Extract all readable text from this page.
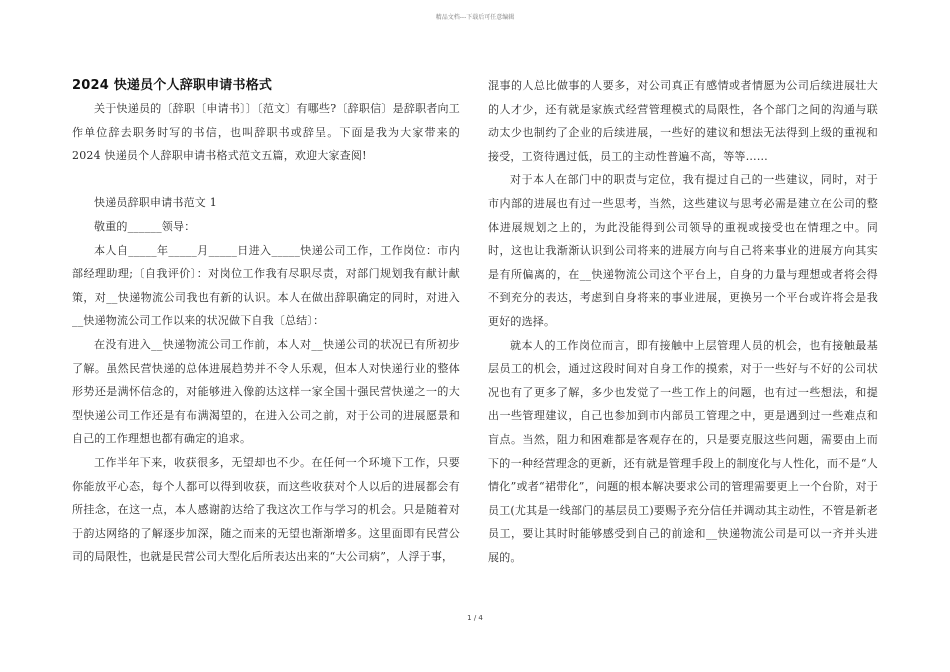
精品文档---下载后可任意编辑
2024 快递员个人辞职申请书格式

关于快递员的〔辞职〔申请书〕〕〔范文〕有哪些?〔辞职信〕是辞职者向工作单位辞去职务时写的书信，也叫辞职书或辞呈。下面是我为大家带来的 2024 快递员个人辞职申请书格式范文五篇，欢迎大家查阅!

快递员辞职申请书范文 1

敬重的______领导：

本人自_____年_____月_____日进入_____快递公司工作，工作岗位：市内部经理助理;〔自我评价〕：对岗位工作我有尽职尽责，对部门规划我有献计献策，对__快递物流公司我也有新的认识。本人在做出辞职确定的同时，对进入__快递物流公司工作以来的状况做下自我〔总结〕：

在没有进入__快递物流公司工作前，本人对__快递公司的状况已有所初步了解。虽然民营快递的总体进展趋势并不令人乐观，但本人对快递行业的整体形势还是满怀信念的，对能够进入像韵达这样一家全国十强民营快递之一的大型快递公司工作还是有布满渴望的，在进入公司之前，对于公司的进展愿景和自己的工作理想也都有确定的追求。

工作半年下来，收获很多，无望却也不少。在任何一个环境下工作，只要你能放平心态，每个人都可以得到收获，而这些收获对个人以后的进展都会有所挂念，在这一点，本人感谢韵达给了我这次工作与学习的机会。只是随着对于韵达网络的了解逐步加深，随之而来的无望也渐渐增多。这里面即有民营公司的局限性，也就是民营公司大型化后所表达出来的“大公司病”，人浮于事，

混事的人总比做事的人要多，对公司真正有感情或者情愿为公司后续进展壮大的人才少，还有就是家族式经营管理模式的局限性，各个部门之间的沟通与联动太少也制约了企业的后续进展，一些好的建议和想法无法得到上级的重视和接受，工资待遇过低，员工的主动性普遍不高，等等……

对于本人在部门中的职责与定位，我有提过自己的一些建议，同时，对于市内部的进展也有过一些思考，当然，这些建议与思考必需是建立在公司的整体进展规划之上的，为此没能得到公司领导的重视或接受也在情理之中。同时，这也让我渐渐认识到公司将来的进展方向与自己将来事业的进展方向其实是有所偏离的，在__快递物流公司这个平台上，自身的力量与理想或者将会得不到充分的表达，考虑到自身将来的事业进展，更换另一个平台或许将会是我更好的选择。

就本人的工作岗位而言，即有接触中上层管理人员的机会，也有接触最基层员工的机会，通过这段时间对自身工作的摸索，对于一些好与不好的公司状况也有了更多了解，多少也发觉了一些工作上的问题，也有过一些想法，和提出一些管理建议，自己也参加到市内部员工管理之中，更是遇到过一些难点和盲点。当然，阻力和困难都是客观存在的，只是要克服这些问题，需要由上而下的一种经营理念的更新，还有就是管理手段上的制度化与人性化，而不是“人情化”或者“裙带化”，问题的根本解决要求公司的管理需要更上一个台阶，对于员工(尤其是一线部门的基层员工)要赐予充分信任并调动其主动性，不管是新老员工，要让其时时能够感受到自己的前途和__快递物流公司是可以一齐并头进展的。

1 / 4
